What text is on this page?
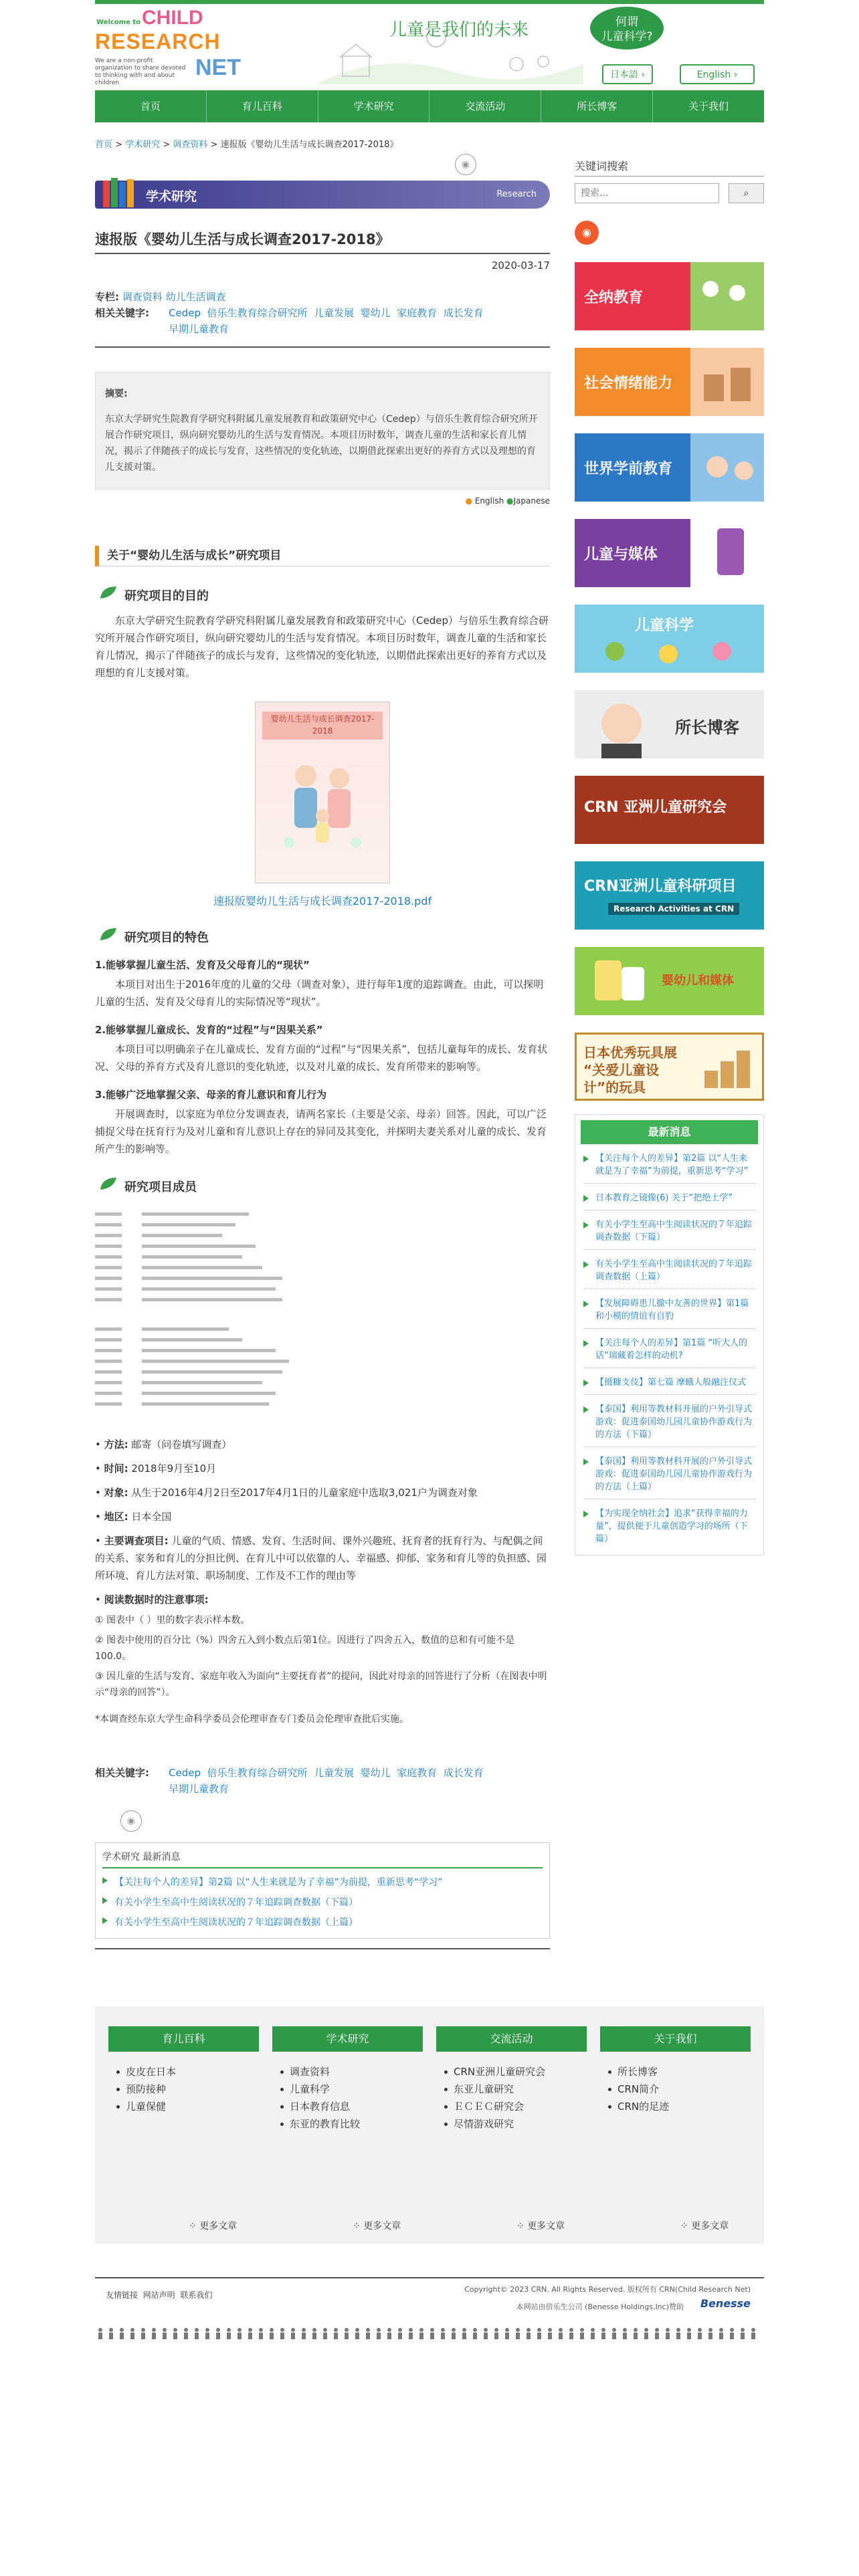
Welcome to CHILD
RESEARCH
We are a non-profit organization to share devoted to thinking with and about children
NET
儿童是我们的未来	何谓
儿童科学?
日本語 ›	English ›
首页	育儿百科	学术研究	交流活动	所长博客	关于我们
首页 > 学术研究 > 调查资料 > 速报版《婴幼儿生活与成长调查2017-2018》
◉
学术研究	Research
速报版《婴幼儿生活与成长调查2017-2018》
2020-03-17
专栏: 调查资料 幼儿生活调查
相关关键字:	Cedep 倍乐生教育综合研究所 儿童发展 婴幼儿 家庭教育 成长发育
早期儿童教育
摘要:
东京大学研究生院教育学研究科附属儿童发展教育和政策研究中心（Cedep）与倍乐生教育综合研究所开展合作研究项目，纵向研究婴幼儿的生活与发育情况。本项目历时数年，调查儿童的生活和家长育儿情况，揭示了伴随孩子的成长与发育，这些情况的变化轨迹，以期借此探索出更好的养育方式以及理想的育儿支援对策。
● English ●Japanese
关于“婴幼儿生活与成长”研究项目
研究项目的目的
东京大学研究生院教育学研究科附属儿童发展教育和政策研究中心（Cedep）与倍乐生教育综合研究所开展合作研究项目，纵向研究婴幼儿的生活与发育情况。本项目历时数年，调查儿童的生活和家长育儿情况，揭示了伴随孩子的成长与发育，这些情况的变化轨迹，以期借此探索出更好的养育方式以及理想的育儿支援对策。
婴幼儿生活与成长调查2017-2018
速报版婴幼儿生活与成长调查2017-2018.pdf
研究项目的特色
1.能够掌握儿童生活、发育及父母育儿的“现状”
本项目对出生于2016年度的儿童的父母（调查对象），进行每年1度的追踪调查。由此，可以探明儿童的生活、发育及父母育儿的实际情况等“现状”。
2.能够掌握儿童成长、发育的“过程”与“因果关系”
本项目可以明确亲子在儿童成长、发育方面的“过程”与“因果关系”，包括儿童每年的成长、发育状况、父母的养育方式及育儿意识的变化轨迹，以及对儿童的成长、发育所带来的影响等。
3.能够广泛地掌握父亲、母亲的育儿意识和育儿行为
开展调查时，以家庭为单位分发调查表，请两名家长（主要是父亲、母亲）回答。因此，可以广泛捕捉父母在抚育行为及对儿童和育儿意识上存在的异同及其变化，并探明夫妻关系对儿童的成长、发育所产生的影响等。
研究项目成员
• 方法: 邮寄（问卷填写调查）
• 时间: 2018年9月至10月
• 对象: 从生于2016年4月2日至2017年4月1日的儿童家庭中选取3,021户为调查对象
• 地区: 日本全国
• 主要调查项目: 儿童的气质、情感、发育、生活时间、课外兴趣班、抚育者的抚育行为、与配偶之间的关系、家务和育儿的分担比例、在育儿中可以依靠的人、幸福感、抑郁、家务和育儿等的负担感、园所环境、育儿方法对策、职场制度、工作及不工作的理由等
• 阅读数据时的注意事项:
① 图表中（ ）里的数字表示样本数。
② 图表中使用的百分比（%）四舍五入到小数点后第1位。因进行了四舍五入，数值的总和有可能不是100.0。
③ 因儿童的生活与发育、家庭年收入为面向“主要抚育者”的提问，因此对母亲的回答进行了分析（在图表中明示“母亲的回答”）。
*本调查经东京大学生命科学委员会伦理审查专门委员会伦理审查批后实施。
相关关键字:	Cedep 倍乐生教育综合研究所 儿童发展 婴幼儿 家庭教育 成长发育
早期儿童教育
◉
学术研究 最新消息
【关注每个人的差异】第2篇 以“人生来就是为了幸福”为前提，重新思考“学习”
有关小学生至高中生阅读状况的７年追踪调查数据（下篇）
有关小学生至高中生阅读状况的７年追踪调查数据（上篇）
关键词搜索
搜索...
⌕
◉
全纳教育
社会情绪能力
世界学前教育
儿童与媒体
儿童科学
所长博客
CRN 亚洲儿童研究会
CRN亚洲儿童科研项目
Research Activities at CRN
婴幼儿和媒体
日本优秀玩具展 “关爱儿童设计”的玩具
最新消息
【关注每个人的差异】第2篇 以“人生来就是为了幸福”为前提，重新思考“学习”
日本教育之镜像(6) 关于“把绝土学”
有关小学生至高中生阅读状况的７年追踪调查数据（下篇）
有关小学生至高中生阅读状况的７年追踪调查数据（上篇）
【发展障碍患儿撤中友善的世界】第1篇 和小模的情谊有自豹
【关注每个人的差异】第1篇 “听大人的话”瑞藏着怎样的动机?
【摄糠支伎】第七篇 摩蛾人般融注仪式
【泰国】利用等教材科开展的户外引导式游戏：促进泰国幼儿园儿童协作游戏行为的方法（下篇）
【泰国】利用等教材科开展的户外引导式游戏：促进泰国幼儿园儿童协作游戏行为的方法（上篇）
【为实现全纳社会】追求“获得幸福的力量”，提供便于儿童创造学习的场所（下篇）
育儿百科
皮皮在日本
预防接种
儿童保健
学术研究
调查资料
儿童科学
日本教育信息
东亚的教育比较
交流活动
CRN亚洲儿童研究会
东亚儿童研究
ＥＣＥＣ研究会
尽情游戏研究
关于我们
所长博客
CRN简介
CRN的足迹
⁘ 更多文章	⁘ 更多文章	⁘ 更多文章	⁘ 更多文章
友情链接 网站声明 联系我们
Copyright© 2023 CRN. All Rights Reserved. 版权所有 CRN(Child Research Net)
本网站由倍乐生公司 (Benesse Holdings,Inc)赞助 Benesse
